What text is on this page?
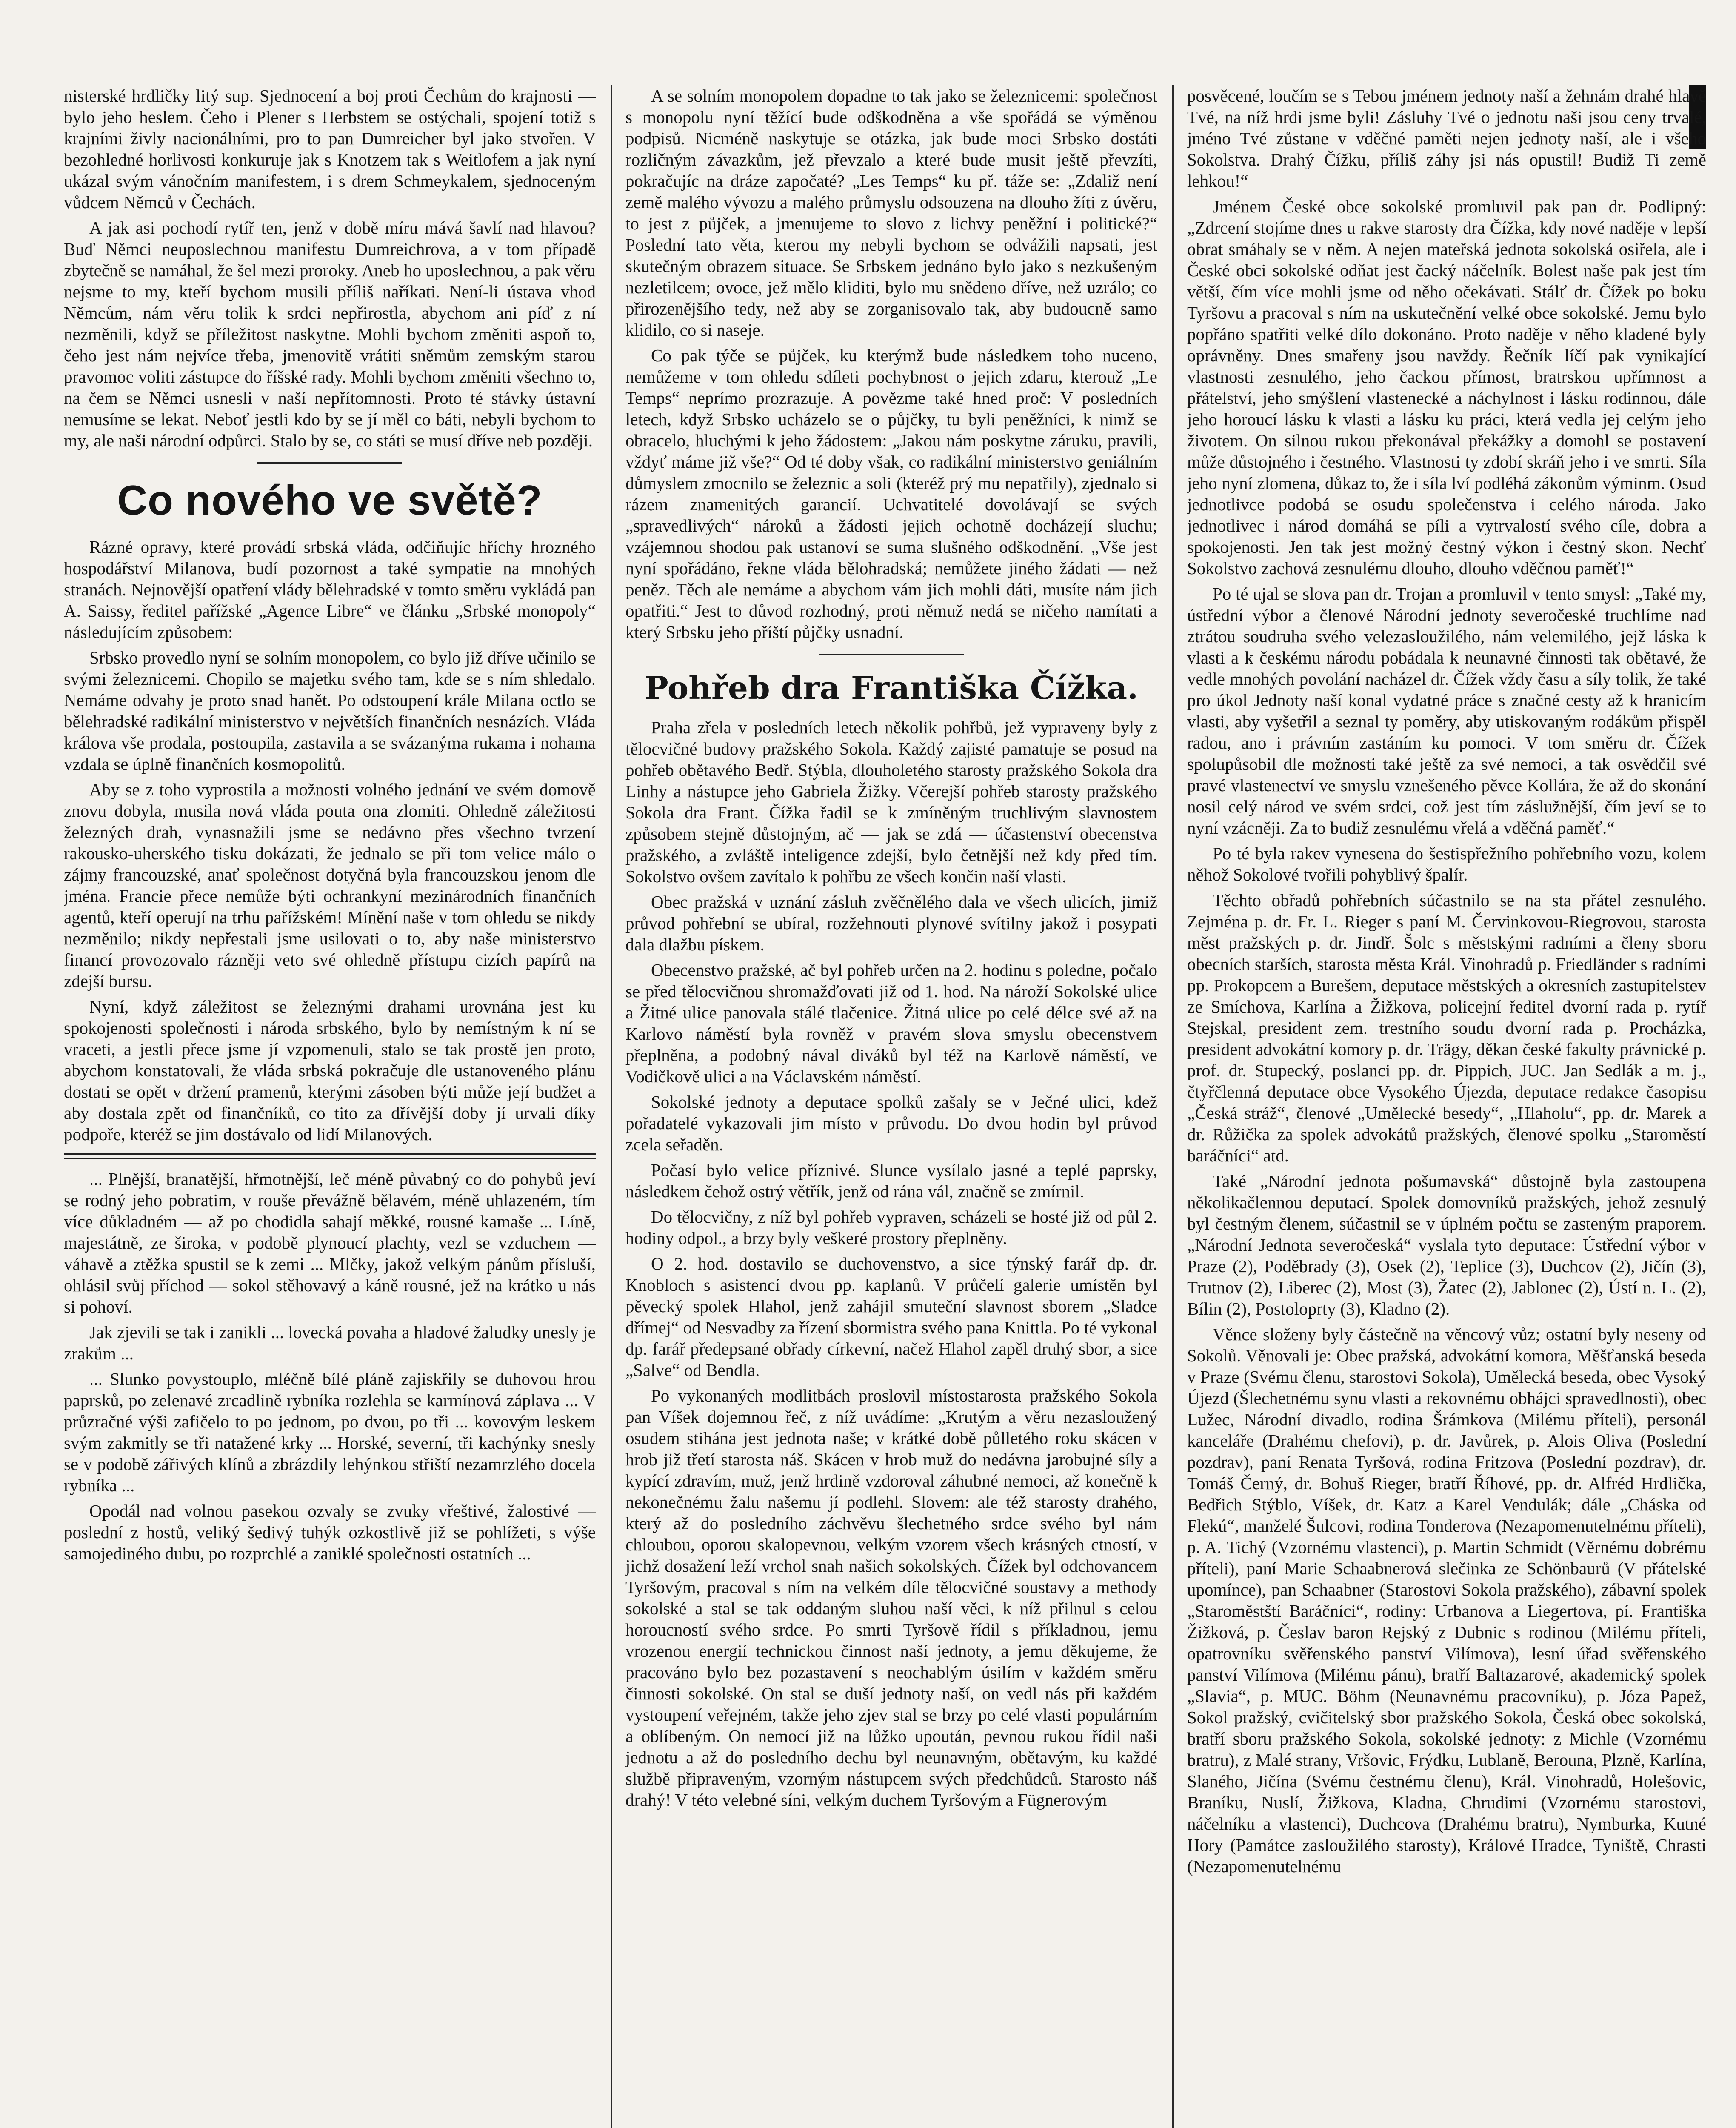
nisterské hrdličky litý sup. Sjednocení a boj proti Čechům do krajnosti — bylo jeho heslem. Čeho i Plener s Herbstem se ostýchali, spojení totiž s krajními živly nacionálními, pro to pan Dumreicher byl jako stvořen. V bezohledné horlivosti konkuruje jak s Knotzem tak s Weitlofem a jak nyní ukázal svým vánočním manifestem, i s drem Schmeykalem, sjednoceným vůdcem Němců v Čechách.

A jak asi pochodí rytíř ten, jenž v době míru mává šavlí nad hlavou? Buď Němci neuposlechnou manifestu Dumreichrova, a v tom případě zbytečně se namáhal, že šel mezi proroky. Aneb ho uposlechnou, a pak věru nejsme to my, kteří bychom musili příliš naříkati. Není-li ústava vhod Němcům, nám věru tolik k srdci nepřirostla, abychom ani píď z ní nezměnili, když se příležitost naskytne. Mohli bychom změniti aspoň to, čeho jest nám nejvíce třeba, jmenovitě vrátiti sněmům zemským starou pravomoc voliti zástupce do říšské rady. Mohli bychom změniti všechno to, na čem se Němci usnesli v naší nepřítomnosti. Proto té stávky ústavní nemusíme se lekat. Neboť jestli kdo by se jí měl co báti, nebyli bychom to my, ale naši národní odpůrci. Stalo by se, co státi se musí dříve neb později.

Co nového ve světě?

Rázné opravy, které provádí srbská vláda, odčiňujíc hříchy hrozného hospodářství Milanova, budí pozornost a také sympatie na mnohých stranách. Nejnovější opatření vlády bělehradské v tomto směru vykládá pan A. Saissy, ředitel pařížské „Agence Libre“ ve článku „Srbské monopoly“ následujícím způsobem:

Srbsko provedlo nyní se solním monopolem, co bylo již dříve učinilo se svými železnicemi. Chopilo se majetku svého tam, kde se s ním shledalo. Nemáme odvahy je proto snad hanět. Po odstoupení krále Milana octlo se bělehradské radikální ministerstvo v největších finančních nesnázích. Vláda králova vše prodala, postoupila, zastavila a se svázanýma rukama i nohama vzdala se úplně finančních kosmopolitů.

Aby se z toho vyprostila a možnosti volného jednání ve svém domově znovu dobyla, musila nová vláda pouta ona zlomiti. Ohledně záležitosti železných drah, vynasnažili jsme se nedávno přes všechno tvrzení rakousko-uherského tisku dokázati, že jednalo se při tom velice málo o zájmy francouzské, anať společnost dotyčná byla francouzskou jenom dle jména. Francie přece nemůže býti ochrankyní mezinárodních finančních agentů, kteří operují na trhu pařížském! Mínění naše v tom ohledu se nikdy nezměnilo; nikdy nepřestali jsme usilovati o to, aby naše ministerstvo financí provozovalo rázněji veto své ohledně přístupu cizích papírů na zdejší bursu.

Nyní, když záležitost se železnými drahami urovnána jest ku spokojenosti společnosti i národa srbského, bylo by nemístným k ní se vraceti, a jestli přece jsme jí vzpomenuli, stalo se tak prostě jen proto, abychom konstatovali, že vláda srbská pokračuje dle ustanoveného plánu dostati se opět v držení pramenů, kterými zásoben býti může její budžet a aby dostala zpět od finančníků, co tito za dřívější doby jí urvali díky podpoře, kteréž se jim dostávalo od lidí Milanových.

... Plnější, branatější, hřmotnější, leč méně půvabný co do pohybů jeví se rodný jeho pobratim, v rouše převážně bělavém, méně uhlazeném, tím více důkladném — až po chodidla sahají měkké, rousné kamaše ... Líně, majestátně, ze široka, v podobě plynoucí plachty, vezl se vzduchem — váhavě a ztěžka spustil se k zemi ... Mlčky, jakož velkým pánům přísluší, ohlásil svůj příchod — sokol stěhovavý a káně rousné, jež na krátko u nás si pohoví.

Jak zjevili se tak i zanikli ... lovecká povaha a hladové žaludky unesly je zrakům ...

... Slunko povystouplo, mléčně bílé pláně zajiskřily se duhovou hrou paprsků, po zelenavé zrcadlině rybníka rozlehla se karmínová záplava ... V průzračné výši zafičelo to po jednom, po dvou, po tři ... kovovým leskem svým zakmitly se tři natažené krky ... Horské, severní, tři kachýnky snesly se v podobě zářivých klínů a zbrázdily lehýnkou střiští nezamrzlého docela rybníka ...

Opodál nad volnou pasekou ozvaly se zvuky vřeštivé, žalostivé — poslední z hostů, veliký šedivý tuhýk ozkostlivě již se pohlížeti, s výše samojediného dubu, po rozprchlé a zaniklé společnosti ostatních ...

A se solním monopolem dopadne to tak jako se železnicemi: společnost s monopolu nyní těžící bude odškodněna a vše spořádá se výměnou podpisů. Nicméně naskytuje se otázka, jak bude moci Srbsko dostáti rozličným závazkům, jež převzalo a které bude musit ještě převzíti, pokračujíc na dráze započaté? „Les Temps“ ku př. táže se: „Zdaliž není země malého vývozu a malého průmyslu odsouzena na dlouho žíti z úvěru, to jest z půjček, a jmenujeme to slovo z lichvy peněžní i politické?“ Poslední tato věta, kterou my nebyli bychom se odvážili napsati, jest skutečným obrazem situace. Se Srbskem jednáno bylo jako s nezkušeným nezletilcem; ovoce, jež mělo kliditi, bylo mu snědeno dříve, než uzrálo; co přirozenějšího tedy, než aby se zorganisovalo tak, aby budoucně samo klidilo, co si naseje.

Co pak týče se půjček, ku kterýmž bude následkem toho nuceno, nemůžeme v tom ohledu sdíleti pochybnost o jejich zdaru, kterouž „Le Temps“ neprímo prozrazuje. A povězme také hned proč: V posledních letech, když Srbsko ucházelo se o půjčky, tu byli peněžníci, k nimž se obracelo, hluchými k jeho žádostem: „Jakou nám poskytne záruku, pravili, vždyť máme již vše?“ Od té doby však, co radikální ministerstvo geniálním důmyslem zmocnilo se železnic a soli (kteréž prý mu nepatřily), zjednalo si rázem znamenitých garancií. Uchvatitelé dovolávají se svých „spravedlivých“ nároků a žádosti jejich ochotně docházejí sluchu; vzájemnou shodou pak ustanoví se suma slušného odškodnění. „Vše jest nyní spořádáno, řekne vláda bělohradská; nemůžete jiného žádati — než peněz. Těch ale nemáme a abychom vám jich mohli dáti, musíte nám jich opatřiti.“ Jest to důvod rozhodný, proti němuž nedá se ničeho namítati a který Srbsku jeho příští půjčky usnadní.

Pohřeb dra Františka Čížka.

Praha zřela v posledních letech několik pohřbů, jež vypraveny byly z tělocvičné budovy pražského Sokola. Každý zajisté pamatuje se posud na pohřeb obětavého Bedř. Stýbla, dlouholetého starosty pražského Sokola dra Linhy a nástupce jeho Gabriela Žižky. Včerejší pohřeb starosty pražského Sokola dra Frant. Čížka řadil se k zmíněným truchlivým slavnostem způsobem stejně důstojným, ač — jak se zdá — účastenství obecenstva pražského, a zvláště inteligence zdejší, bylo četnější než kdy před tím. Sokolstvo ovšem zavítalo k pohřbu ze všech končin naší vlasti.

Obec pražská v uznání zásluh zvěčnělého dala ve všech ulicích, jimiž průvod pohřební se ubíral, rozžehnouti plynové svítilny jakož i posypati dala dlažbu pískem.

Obecenstvo pražské, ač byl pohřeb určen na 2. hodinu s poledne, počalo se před tělocvičnou shromažďovati již od 1. hod. Na nároží Sokolské ulice a Žitné ulice panovala stálé tlačenice. Žitná ulice po celé délce své až na Karlovo náměstí byla rovněž v pravém slova smyslu obecenstvem přeplněna, a podobný nával diváků byl též na Karlově náměstí, ve Vodičkově ulici a na Václavském náměstí.

Sokolské jednoty a deputace spolků zašaly se v Ječné ulici, kdež pořadatelé vykazovali jim místo v průvodu. Do dvou hodin byl průvod zcela seřaděn.

Počasí bylo velice příznivé. Slunce vysílalo jasné a teplé paprsky, následkem čehož ostrý větřík, jenž od rána vál, značně se zmírnil.

Do tělocvičny, z níž byl pohřeb vypraven, scházeli se hosté již od půl 2. hodiny odpol., a brzy byly veškeré prostory přeplněny.

O 2. hod. dostavilo se duchovenstvo, a sice týnský farář dp. dr. Knobloch s asistencí dvou pp. kaplanů. V průčelí galerie umístěn byl pěvecký spolek Hlahol, jenž zahájil smuteční slavnost sborem „Sladce dřímej“ od Nesvadby za řízení sbormistra svého pana Knittla. Po té vykonal dp. farář předepsané obřady církevní, načež Hlahol zapěl druhý sbor, a sice „Salve“ od Bendla.

Po vykonaných modlitbách proslovil místostarosta pražského Sokola pan Víšek dojemnou řeč, z níž uvádíme: „Krutým a věru nezasloužený osudem stihána jest jednota naše; v krátké době půlletého roku skácen v hrob již třetí starosta náš. Skácen v hrob muž do nedávna jarobujné síly a kypící zdravím, muž, jenž hrdině vzdoroval záhubné nemoci, až konečně k nekonečnému žalu našemu jí podlehl. Slovem: ale též starosty drahého, který až do posledního záchvěvu šlechetného srdce svého byl nám chloubou, oporou skalopevnou, velkým vzorem všech krásných ctností, v jichž dosažení leží vrchol snah našich sokolských. Čížek byl odchovancem Tyršovým, pracoval s ním na velkém díle tělocvičné soustavy a methody sokolské a stal se tak oddaným sluhou naší věci, k níž přilnul s celou horoucností svého srdce. Po smrti Tyršově řídil s příkladnou, jemu vrozenou energií technickou činnost naší jednoty, a jemu děkujeme, že pracováno bylo bez pozastavení s neochablým úsilím v každém směru činnosti sokolské. On stal se duší jednoty naší, on vedl nás při každém vystoupení veřejném, takže jeho zjev stal se brzy po celé vlasti populárním a oblíbeným. On nemocí již na lůžko upoután, pevnou rukou řídil naši jednotu a až do posledního dechu byl neunavným, obětavým, ku každé službě připraveným, vzorným nástupcem svých předchůdců. Starosto náš drahý! V této velebné síni, velkým duchem Tyršovým a Fügnerovým

posvěcené, loučím se s Tebou jménem jednoty naší a žehnám drahé hlavě Tvé, na níž hrdi jsme byli! Zásluhy Tvé o jednotu naši jsou ceny trvalé, jméno Tvé zůstane v vděčné paměti nejen jednoty naší, ale i všeho Sokolstva. Drahý Čížku, příliš záhy jsi nás opustil! Budiž Ti země lehkou!“

Jménem České obce sokolské promluvil pak pan dr. Podlipný: „Zdrcení stojíme dnes u rakve starosty dra Čížka, kdy nové naděje v lepší obrat smáhaly se v něm. A nejen mateřská jednota sokolská osiřela, ale i České obci sokolské odňat jest čacký náčelník. Bolest naše pak jest tím větší, čím více mohli jsme od něho očekávati. Stálť dr. Čížek po boku Tyršovu a pracoval s ním na uskutečnění velké obce sokolské. Jemu bylo popřáno spatřiti velké dílo dokonáno. Proto naděje v něho kladené byly oprávněny. Dnes smařeny jsou navždy. Řečník líčí pak vynikající vlastnosti zesnulého, jeho čackou přímost, bratrskou upřímnost a přátelství, jeho smýšlení vlastenecké a náchylnost i lásku rodinnou, dále jeho horoucí lásku k vlasti a lásku ku práci, která vedla jej celým jeho životem. On silnou rukou překonával překážky a domohl se postavení může důstojného i čestného. Vlastnosti ty zdobí skráň jeho i ve smrti. Síla jeho nyní zlomena, důkaz to, že i síla lví podléhá zákonům výminm. Osud jednotlivce podobá se osudu společenstva i celého národa. Jako jednotlivec i národ domáhá se píli a vytrvalostí svého cíle, dobra a spokojenosti. Jen tak jest možný čestný výkon i čestný skon. Nechť Sokolstvo zachová zesnulému dlouho, dlouho vděčnou paměť!“

Po té ujal se slova pan dr. Trojan a promluvil v tento smysl: „Také my, ústřední výbor a členové Národní jednoty severočeské truchlíme nad ztrátou soudruha svého velezasloužilého, nám velemilého, jejž láska k vlasti a k českému národu pobádala k neunavné činnosti tak obětavé, že vedle mnohých povolání nacházel dr. Čížek vždy času a síly tolik, že také pro úkol Jednoty naší konal vydatné práce s značné cesty až k hranicím vlasti, aby vyšetřil a seznal ty poměry, aby utiskovaným rodákům přispěl radou, ano i právním zastáním ku pomoci. V tom směru dr. Čížek spolupůsobil dle možnosti také ještě za své nemoci, a tak osvědčil své pravé vlastenectví ve smyslu vznešeného pěvce Kollára, že až do skonání nosil celý národ ve svém srdci, což jest tím záslužnější, čím jeví se to nyní vzácněji. Za to budiž zesnulému vřelá a vděčná paměť.“

Po té byla rakev vynesena do šestispřežního pohřebního vozu, kolem něhož Sokolové tvořili pohyblivý špalír.

Těchto obřadů pohřebních súčastnilo se na sta přátel zesnulého. Zejména p. dr. Fr. L. Rieger s paní M. Červinkovou-Riegrovou, starosta měst pražských p. dr. Jindř. Šolc s městskými radními a členy sboru obecních starších, starosta města Král. Vinohradů p. Friedländer s radními pp. Prokopcem a Burešem, deputace městských a okresních zastupitelstev ze Smíchova, Karlína a Žižkova, policejní ředitel dvorní rada p. rytíř Stejskal, president zem. trestního soudu dvorní rada p. Procházka, president advokátní komory p. dr. Trägy, děkan české fakulty právnické p. prof. dr. Stupecký, poslanci pp. dr. Pippich, JUC. Jan Sedlák a m. j., čtyřčlenná deputace obce Vysokého Újezda, deputace redakce časopisu „Česká stráž“, členové „Umělecké besedy“, „Hlaholu“, pp. dr. Marek a dr. Růžička za spolek advokátů pražských, členové spolku „Staroměstí baráčníci“ atd.

Také „Národní jednota pošumavská“ důstojně byla zastoupena několikačlennou deputací. Spolek domovníků pražských, jehož zesnulý byl čestným členem, súčastnil se v úplném počtu se zasteným praporem. „Národní Jednota severočeská“ vyslala tyto deputace: Ústřední výbor v Praze (2), Poděbrady (3), Osek (2), Teplice (3), Duchcov (2), Jičín (3), Trutnov (2), Liberec (2), Most (3), Žatec (2), Jablonec (2), Ústí n. L. (2), Bílin (2), Postoloprty (3), Kladno (2).

Věnce složeny byly částečně na věncový vůz; ostatní byly neseny od Sokolů. Věnovali je: Obec pražská, advokátní komora, Měšťanská beseda v Praze (Svému členu, starostovi Sokola), Umělecká beseda, obec Vysoký Újezd (Šlechetnému synu vlasti a rekovnému obhájci spravedlnosti), obec Lužec, Národní divadlo, rodina Šrámkova (Milému příteli), personál kanceláře (Drahému chefovi), p. dr. Javůrek, p. Alois Oliva (Poslední pozdrav), paní Renata Tyršová, rodina Fritzova (Poslední pozdrav), dr. Tomáš Černý, dr. Bohuš Rieger, bratří Říhové, pp. dr. Alfréd Hrdlička, Bedřich Stýblo, Víšek, dr. Katz a Karel Vendulák; dále „Cháska od Flekú“, manželé Šulcovi, rodina Tonderova (Nezapomenutelnému příteli), p. A. Tichý (Vzornému vlastenci), p. Martin Schmidt (Věrnému dobrému příteli), paní Marie Schaabnerová slečinka ze Schönbaurů (V přátelské upomínce), pan Schaabner (Starostovi Sokola pražského), zábavní spolek „Staroměstští Baráčníci“, rodiny: Urbanova a Liegertova, pí. Františka Žižková, p. Česlav baron Rejský z Dubnic s rodinou (Milému příteli, opatrovníku svěřenského panství Vilímova), lesní úřad svěřenského panství Vilímova (Milému pánu), bratří Baltazarové, akademický spolek „Slavia“, p. MUC. Böhm (Neunavnému pracovníku), p. Józa Papež, Sokol pražský, cvičitelský sbor pražského Sokola, Česká obec sokolská, bratří sboru pražského Sokola, sokolské jednoty: z Michle (Vzornému bratru), z Malé strany, Vršovic, Frýdku, Lublaně, Berouna, Plzně, Karlína, Slaného, Jičína (Svému čestnému členu), Král. Vinohradů, Holešovic, Braníku, Nuslí, Žižkova, Kladna, Chrudimi (Vzornému starostovi, náčelníku a vlastenci), Duchcova (Drahému bratru), Nymburka, Kutné Hory (Památce zasloužilého starosty), Králové Hradce, Tyniště, Chrasti (Nezapomenutelnému
